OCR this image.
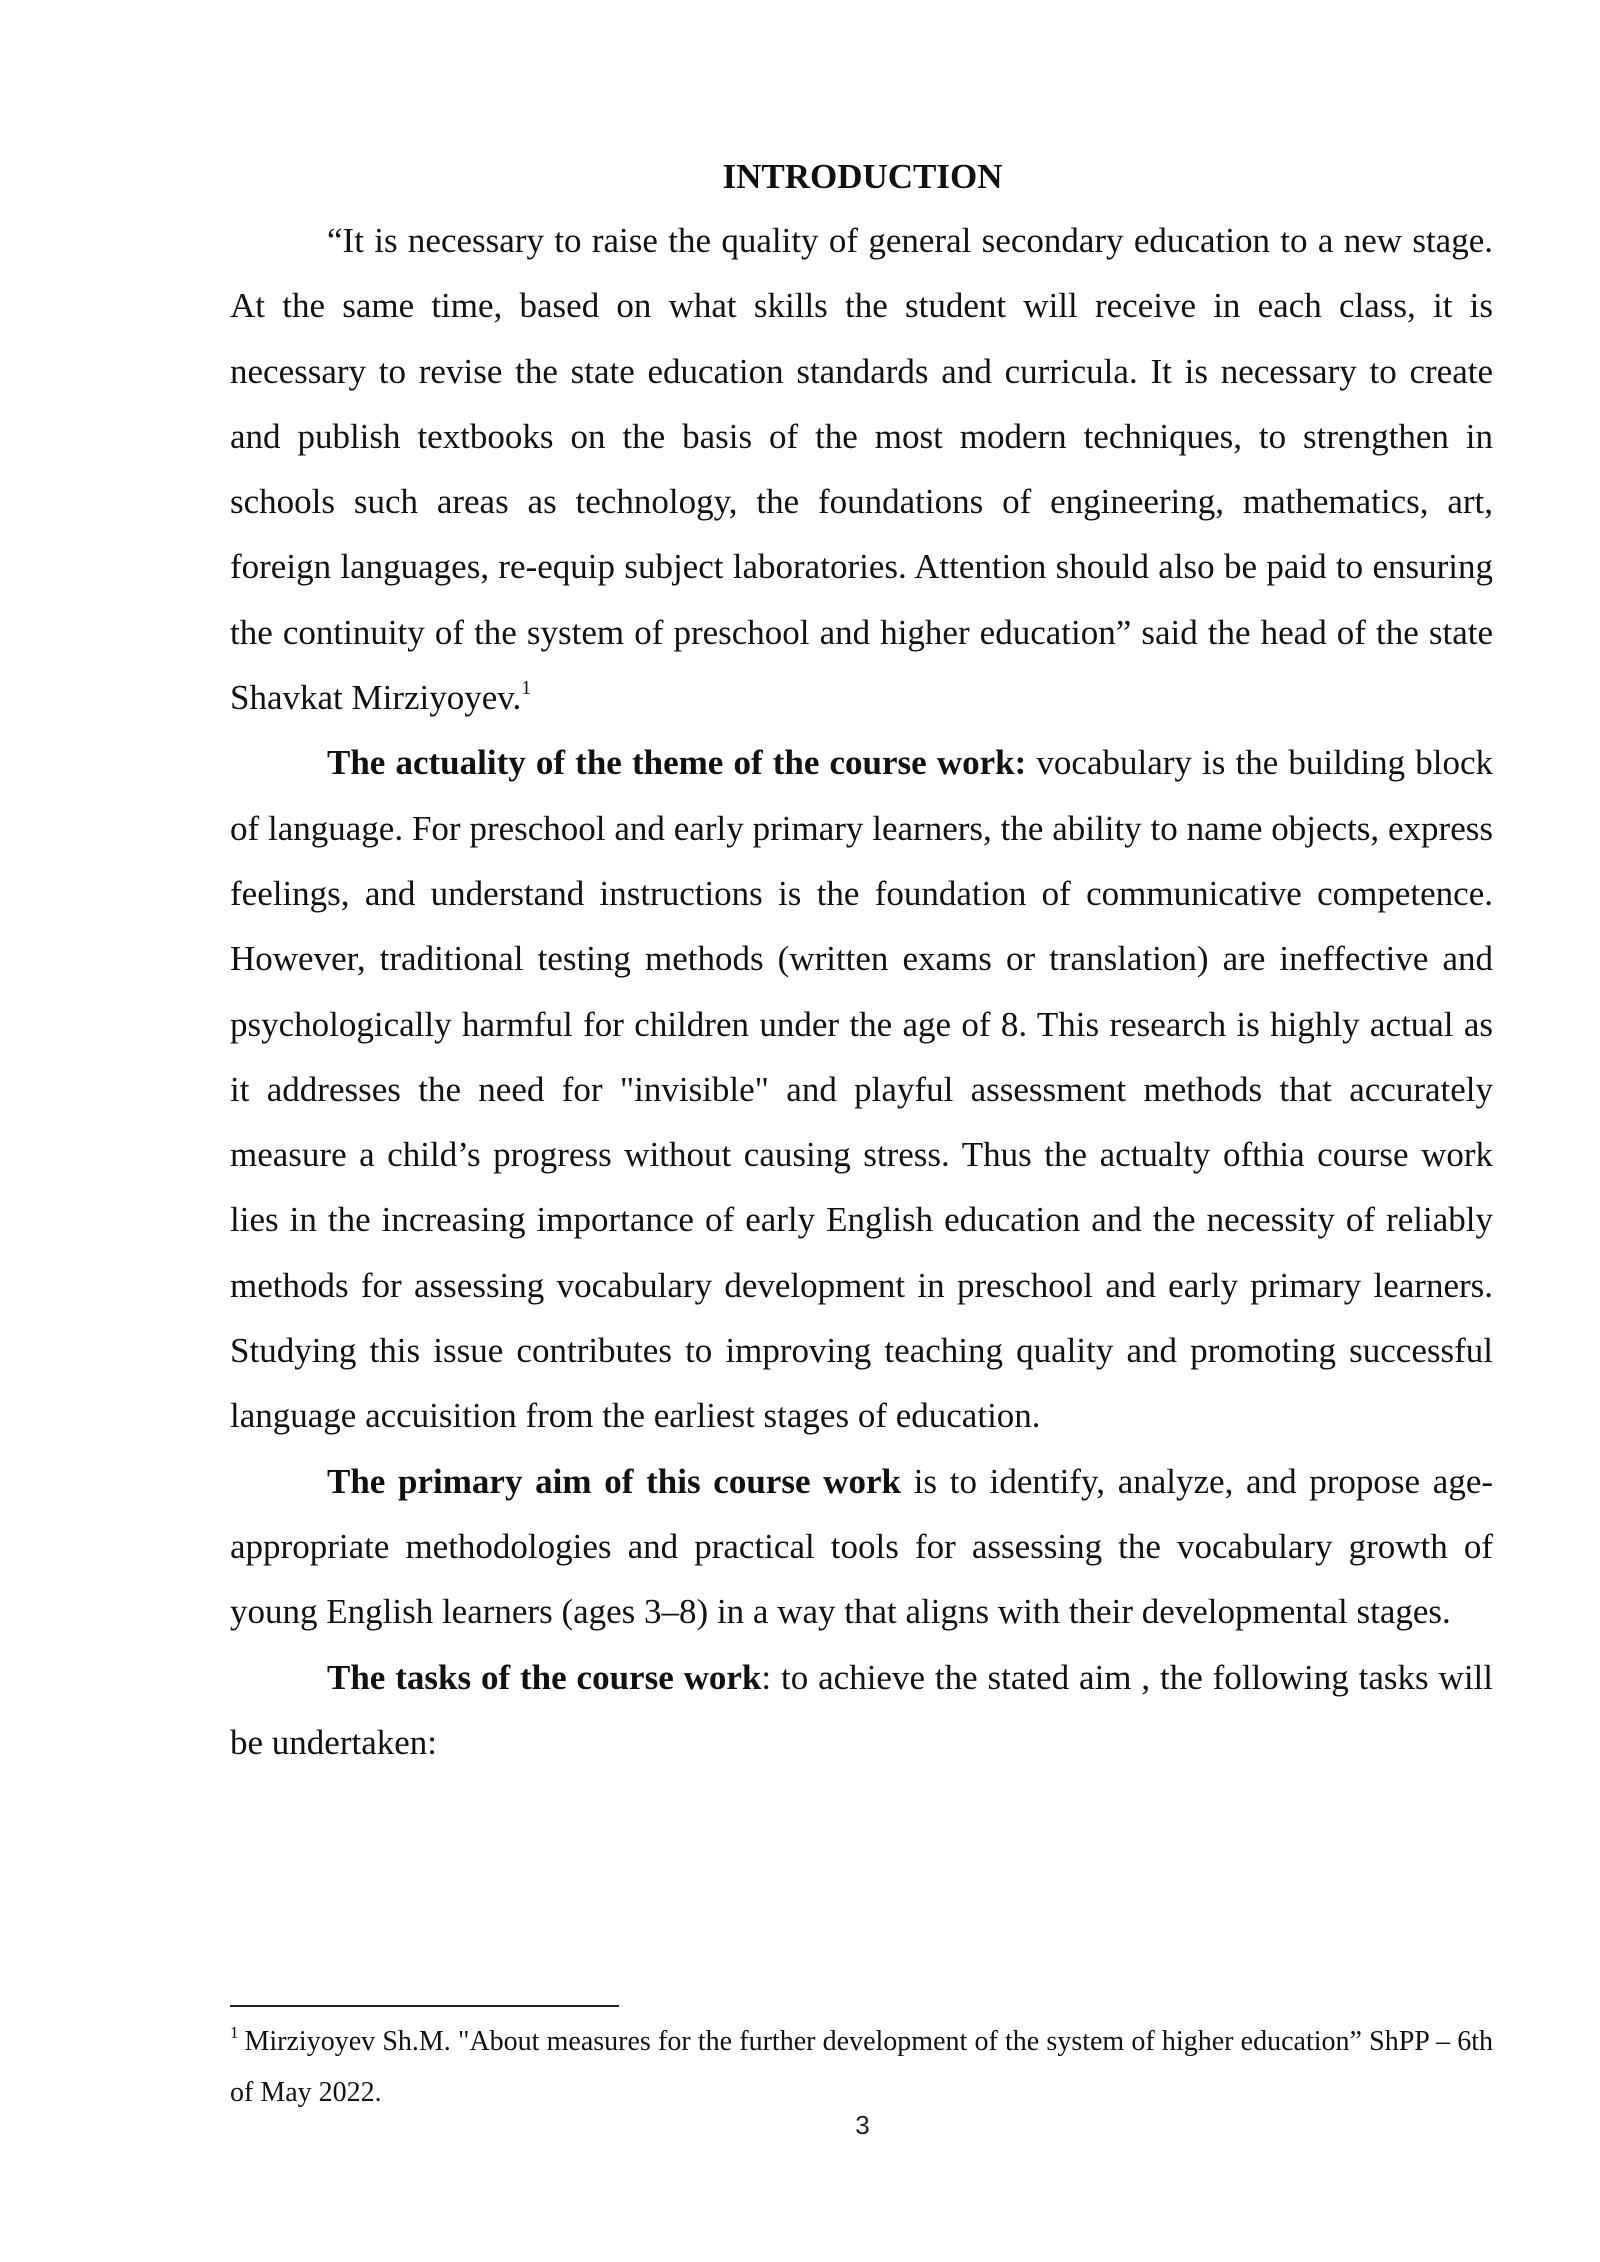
INTRODUCTION

“It is necessary to raise the quality of general secondary education to a new stage. At the same time, based on what skills the student will receive in each class, it is necessary to revise the state education standards and curricula. It is necessary to create and publish textbooks on the basis of the most modern techniques, to strengthen in schools such areas as technology, the foundations of engineering, mathematics, art, foreign languages, re-equip subject laboratories. Attention should also be paid to ensuring the continuity of the system of preschool and higher education” said the head of the state Shavkat Mirziyoyev.$^1$

The actuality of the theme of the course work: vocabulary is the building block of language. For preschool and early primary learners, the ability to name objects, express feelings, and understand instructions is the foundation of communicative competence. However, traditional testing methods (written exams or translation) are ineffective and psychologically harmful for children under the age of 8. This research is highly actual as it addresses the need for "invisible" and playful assessment methods that accurately measure a child’s progress without causing stress. Thus the actualty ofthia course work lies in the increasing importance of early English education and the necessity of reliably methods for assessing vocabulary development in preschool and early primary learners. Studying this issue contributes to improving teaching quality and promoting successful language accuisition from the earliest stages of education.

The primary aim of this course work is to identify, analyze, and propose age-appropriate methodologies and practical tools for assessing the vocabulary growth of young English learners (ages 3–8) in a way that aligns with their developmental stages.

The tasks of the course work: to achieve the stated aim , the following tasks will be undertaken:

$^1$ Mirziyoyev Sh.M. "About measures for the further development of the system of higher education” ShPP – 6th of May 2022.

3
